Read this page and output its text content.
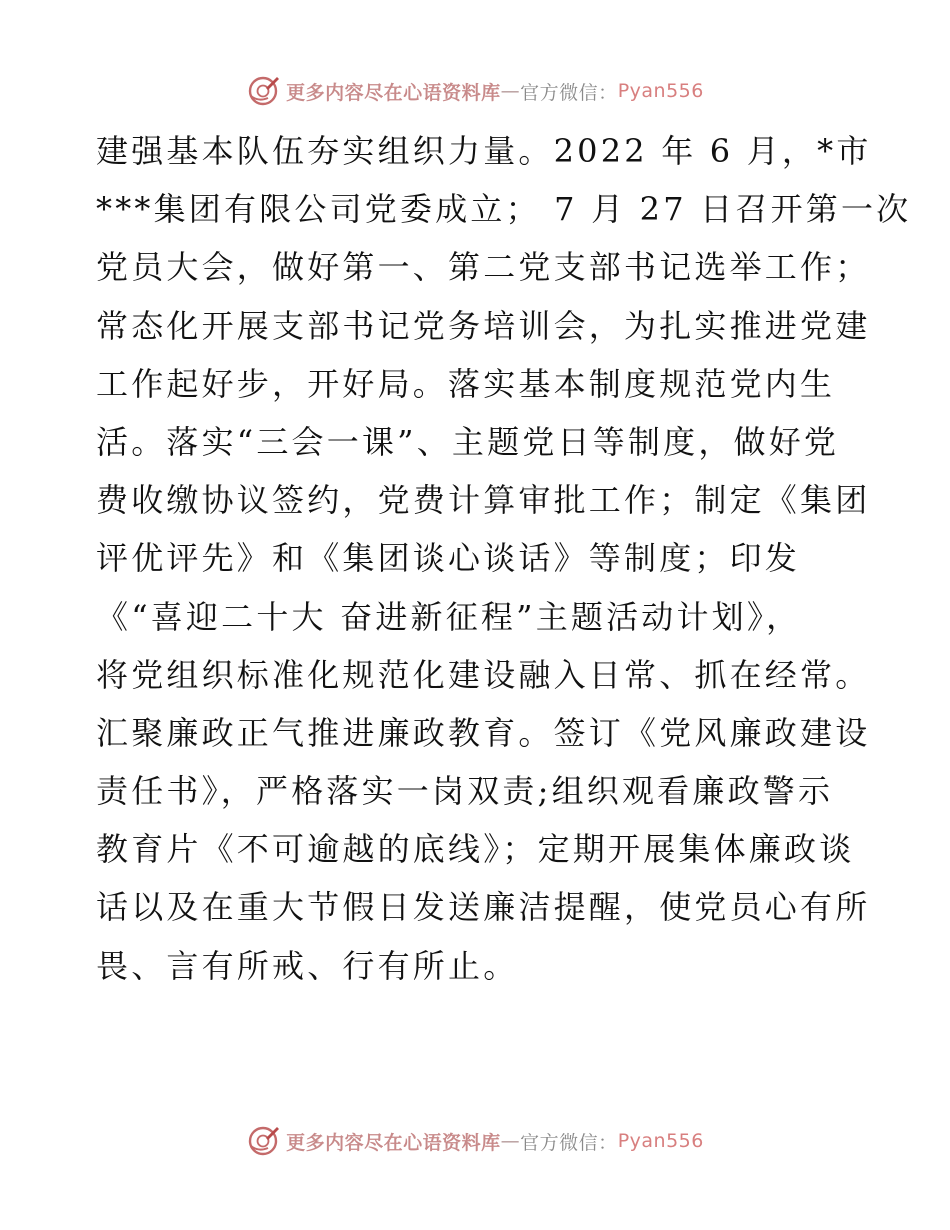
更多内容尽在心语资料库 — 官方微信： Pyan556
建强基本队伍夯实组织力量。2022 年 6 月，*市
***集团有限公司党委成立； 7 月 27 日召开第一次
党员大会，做好第一、第二党支部书记选举工作；
常态化开展支部书记党务培训会，为扎实推进党建
工作起好步，开好局。落实基本制度规范党内生
活。落实“三会一课”、主题党日等制度，做好党
费收缴协议签约，党费计算审批工作；制定《集团
评优评先》和《集团谈心谈话》等制度；印发
《“喜迎二十大 奋进新征程”主题活动计划》，
将党组织标准化规范化建设融入日常、抓在经常。
汇聚廉政正气推进廉政教育。签订《党风廉政建设
责任书》，严格落实一岗双责;组织观看廉政警示
教育片《不可逾越的底线》；定期开展集体廉政谈
话以及在重大节假日发送廉洁提醒，使党员心有所
畏、言有所戒、行有所止。
更多内容尽在心语资料库 — 官方微信： Pyan556
